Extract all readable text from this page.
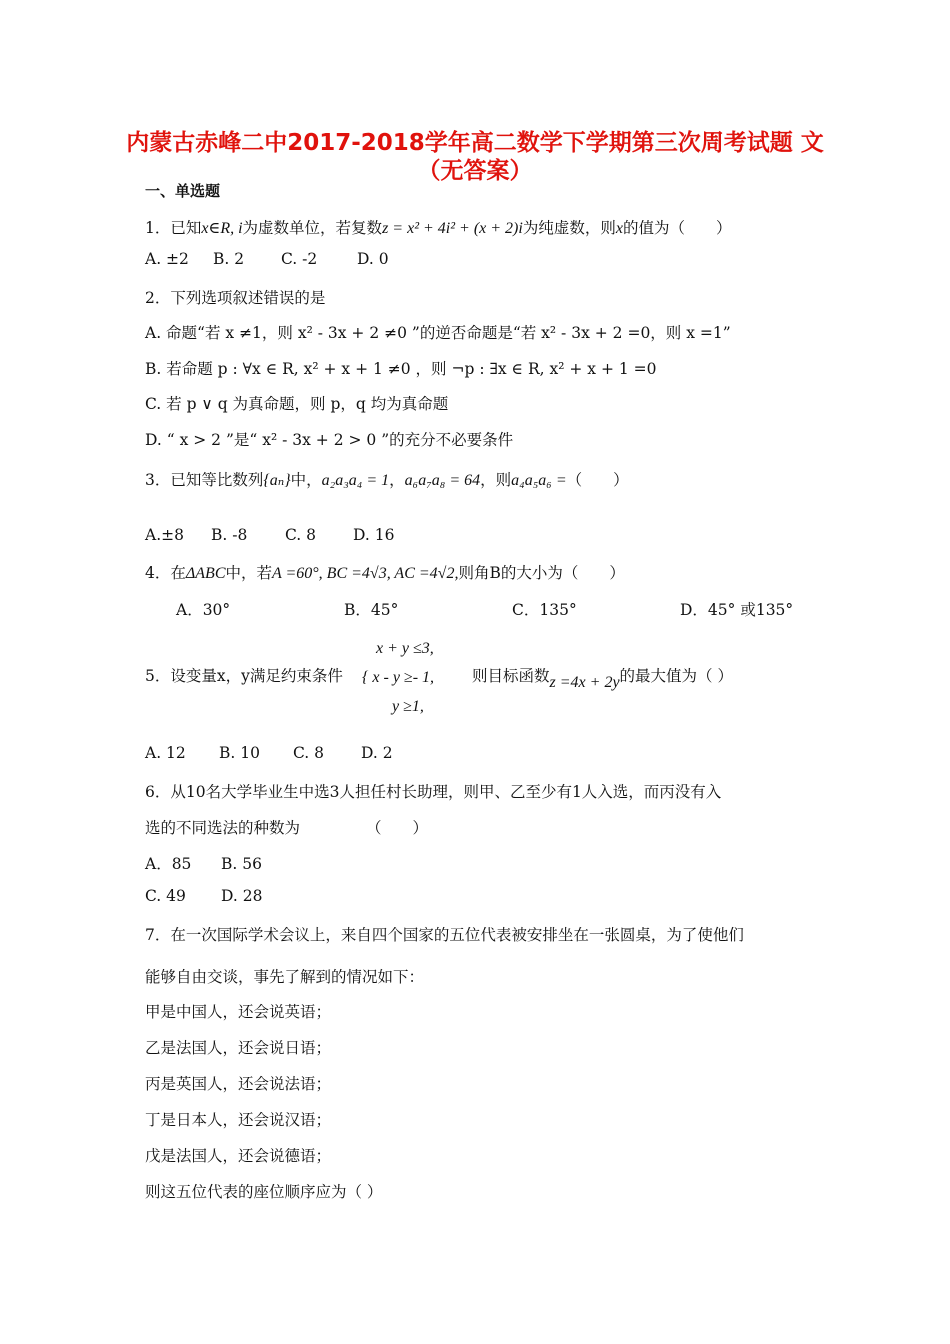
内蒙古赤峰二中2017-2018学年高二数学下学期第三次周考试题 文
（无答案）
一、单选题
1．已知x∈R, i为虚数单位，若复数z = x² + 4i² + (x + 2)i为纯虚数，则x的值为（　　）
A. ±2 B. 2 C. -2	D. 0
2．下列选项叙述错误的是
A. 命题“若 x ≠1，则 x² - 3x + 2 ≠0 ”的逆否命题是“若 x² - 3x + 2 =0，则 x =1”
B. 若命题 p : ∀x ∈ R, x² + x + 1 ≠0 ，则 ¬p : ∃x ∈ R, x² + x + 1 =0
C. 若 p ∨ q 为真命题，则 p，q 均为真命题
D. “ x > 2 ”是“ x² - 3x + 2 > 0 ”的充分不必要条件
3．已知等比数列{aₙ}中，a₂a₃a₄ = 1，a₆a₇a₈ = 64，则a₄a₅a₆ =（　　）
A.±8 B. -8 C. 8 D. 16
4．在ΔABC中，若A =60°, BC =4√3, AC =4√2,则角B的大小为（　　）
A．30°	B．45°	C．135°	D．45° 或135°
x + y ≤3,
5．设变量x，y满足约束条件 { x - y ≥- 1, 则目标函数z =4x + 2y的最大值为（ ）
y ≥1,
A. 12 B. 10 C. 8 D. 2
6．从10名大学毕业生中选3人担任村长助理，则甲、乙至少有1人入选，而丙没有入
选的不同选法的种数为	（　　）
A．85 B. 56
C. 49 D. 28
7．在一次国际学术会议上，来自四个国家的五位代表被安排坐在一张圆桌，为了使他们
能够自由交谈，事先了解到的情况如下：
甲是中国人，还会说英语；
乙是法国人，还会说日语；
丙是英国人，还会说法语；
丁是日本人，还会说汉语；
戊是法国人，还会说德语；
则这五位代表的座位顺序应为（ ）
